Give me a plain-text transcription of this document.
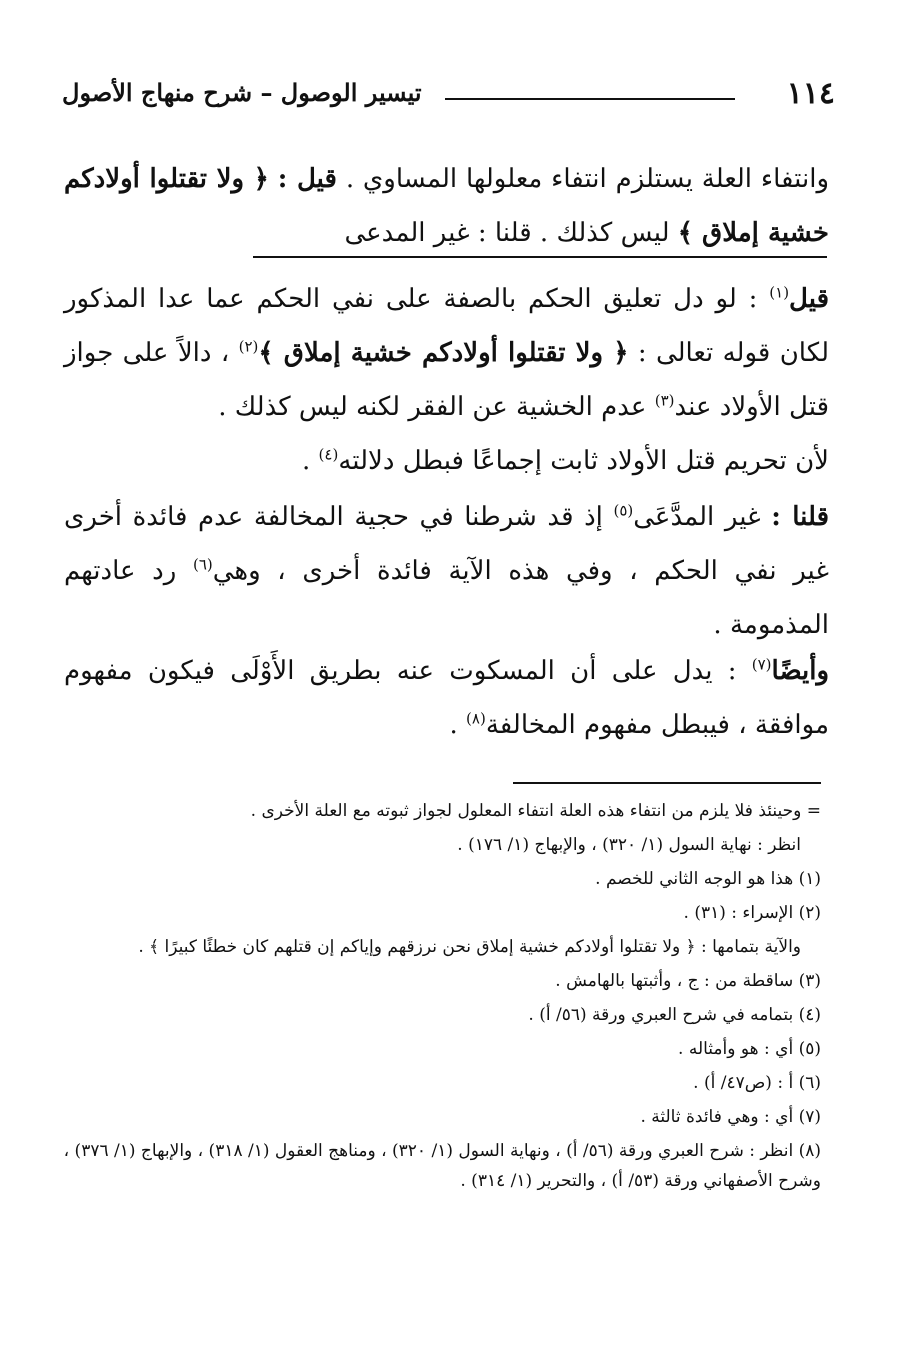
١١٤
تيسير الوصول – شرح منهاج الأصول
وانتفاء العلة يستلزم انتفاء معلولها المساوي . قيل : ﴿ ولا تقتلوا أولادكم خشية إملاق ﴾ ليس كذلك . قلنا : غير المدعى
قيل$^{(١)}$ : لو دل تعليق الحكم بالصفة على نفي الحكم عما عدا المذكور لكان قوله تعالى : ﴿ ولا تقتلوا أولادكم خشية إملاق ﴾$^{(٢)}$ ، دالاً على جواز قتل الأولاد عند$^{(٣)}$ عدم الخشية عن الفقر لكنه ليس كذلك .
لأن تحريم قتل الأولاد ثابت إجماعًا فبطل دلالته$^{(٤)}$ .
قلنا : غير المدَّعَى$^{(٥)}$ إذ قد شرطنا في حجية المخالفة عدم فائدة أخرى غير نفي الحكم ، وفي هذه الآية فائدة أخرى ، وهي$^{(٦)}$ رد عادتهم المذمومة .
وأيضًا$^{(٧)}$ : يدل على أن المسكوت عنه بطريق الأَوْلَى فيكون مفهوم موافقة ، فيبطل مفهوم المخالفة$^{(٨)}$ .

= وحينئذ فلا يلزم من انتفاء هذه العلة انتفاء المعلول لجواز ثبوته مع العلة الأخرى .

انظر : نهاية السول (١/ ٣٢٠) ، والإبهاج (١/ ١٧٦) .

(١) هذا هو الوجه الثاني للخصم .

(٢) الإسراء : (٣١) .

والآية بتمامها : ﴿ ولا تقتلوا أولادكم خشية إملاق نحن نرزقهم وإياكم إن قتلهم كان خطئًا كبيرًا ﴾ .

(٣) ساقطة من : ج ، وأثبتها بالهامش .

(٤) بتمامه في شرح العبري ورقة (٥٦/ أ) .

(٥) أي : هو وأمثاله .

(٦) أ : (ص٤٧/ أ) .

(٧) أي : وهي فائدة ثالثة .

(٨) انظر : شرح العبري ورقة (٥٦/ أ) ، ونهاية السول (١/ ٣٢٠) ، ومناهج العقول (١/ ٣١٨) ، والإبهاج (١/ ٣٧٦) ، وشرح الأصفهاني ورقة (٥٣/ أ) ، والتحرير (١/ ٣١٤) .
